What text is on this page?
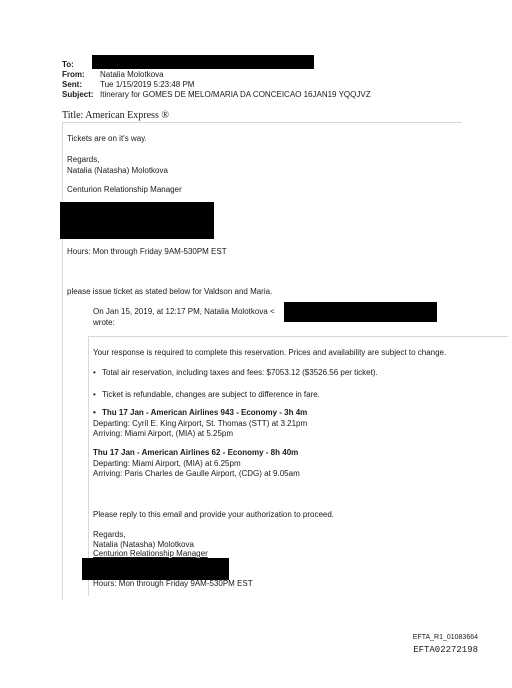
To:
From: Natalia Molotkova
Sent: Tue 1/15/2019 5:23:48 PM
Subject: Itinerary for GOMES DE MELO/MARIA DA CONCEICAO 16JAN19 YQQJVZ
Title: American Express ®
Tickets are on it's way.
Regards,
Natalia (Natasha) Molotkova
Centurion Relationship Manager
Hours: Mon through Friday 9AM-530PM EST
please issue ticket as stated below for Valdson and Maria.
On Jan 15, 2019, at 12:17 PM, Natalia Molotkova <
wrote:
Your response is required to complete this reservation. Prices and availability are subject to change.
• Total air reservation, including taxes and fees: $7053.12 ($3526.56 per ticket).
• Ticket is refundable, changes are subject to difference in fare.
• Thu 17 Jan - American Airlines 943 - Economy - 3h 4m
Departing: Cyril E. King Airport, St. Thomas (STT) at 3.21pm
Arriving: Miami Airport, (MIA) at 5.25pm
Thu 17 Jan - American Airlines 62 - Economy - 8h 40m
Departing: Miami Airport, (MIA) at 6.25pm
Arriving: Paris Charles de Gaulle Airport, (CDG) at 9.05am
Please reply to this email and provide your authorization to proceed.
Regards,
Natalia (Natasha) Molotkova
Centurion Relationship Manager
Hours: Mon through Friday 9AM-530PM EST
EFTA_R1_01083664
EFTA02272198
